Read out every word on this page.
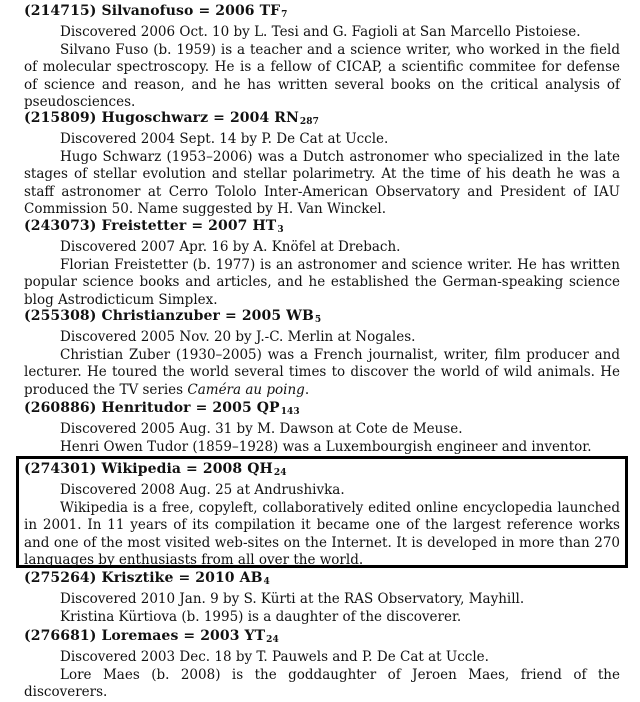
(214715) Silvanofuso = 2006 $TF_7$

Discovered 2006 Oct. 10 by L. Tesi and G. Fagioli at San Marcello Pistoiese.

Silvano Fuso (b. 1959) is a teacher and a science writer, who worked in the field of molecular spectroscopy. He is a fellow of CICAP, a scientific commitee for defense of science and reason, and he has written several books on the critical analysis of pseudosciences.

(215809) Hugoschwarz = 2004 $RN_{287}$

Discovered 2004 Sept. 14 by P. De Cat at Uccle.

Hugo Schwarz (1953–2006) was a Dutch astronomer who specialized in the late stages of stellar evolution and stellar polarimetry. At the time of his death he was a staff astronomer at Cerro Tololo Inter-American Observatory and President of IAU Commission 50. Name suggested by H. Van Winckel.

(243073) Freistetter = 2007 $HT_3$

Discovered 2007 Apr. 16 by A. Knöfel at Drebach.

Florian Freistetter (b. 1977) is an astronomer and science writer. He has written popular science books and articles, and he established the German-speaking science blog Astrodicticum Simplex.

(255308) Christianzuber = 2005 $WB_5$

Discovered 2005 Nov. 20 by J.-C. Merlin at Nogales.

Christian Zuber (1930–2005) was a French journalist, writer, film producer and lecturer. He toured the world several times to discover the world of wild animals. He produced the TV series Caméra au poing.

(260886) Henritudor = 2005 $QP_{143}$

Discovered 2005 Aug. 31 by M. Dawson at Cote de Meuse.

Henri Owen Tudor (1859–1928) was a Luxembourgish engineer and inventor.

(274301) Wikipedia = 2008 $QH_{24}$

Discovered 2008 Aug. 25 at Andrushivka.

Wikipedia is a free, copyleft, collaboratively edited online encyclopedia launched in 2001. In 11 years of its compilation it became one of the largest reference works and one of the most visited web-sites on the Internet. It is developed in more than 270 languages by enthusiasts from all over the world.

(275264) Krisztike = 2010 $AB_4$

Discovered 2010 Jan. 9 by S. Kürti at the RAS Observatory, Mayhill.

Kristina Kürtiova (b. 1995) is a daughter of the discoverer.

(276681) Loremaes = 2003 $YT_{24}$

Discovered 2003 Dec. 18 by T. Pauwels and P. De Cat at Uccle.

Lore Maes (b. 2008) is the goddaughter of Jeroen Maes, friend of the discoverers.
